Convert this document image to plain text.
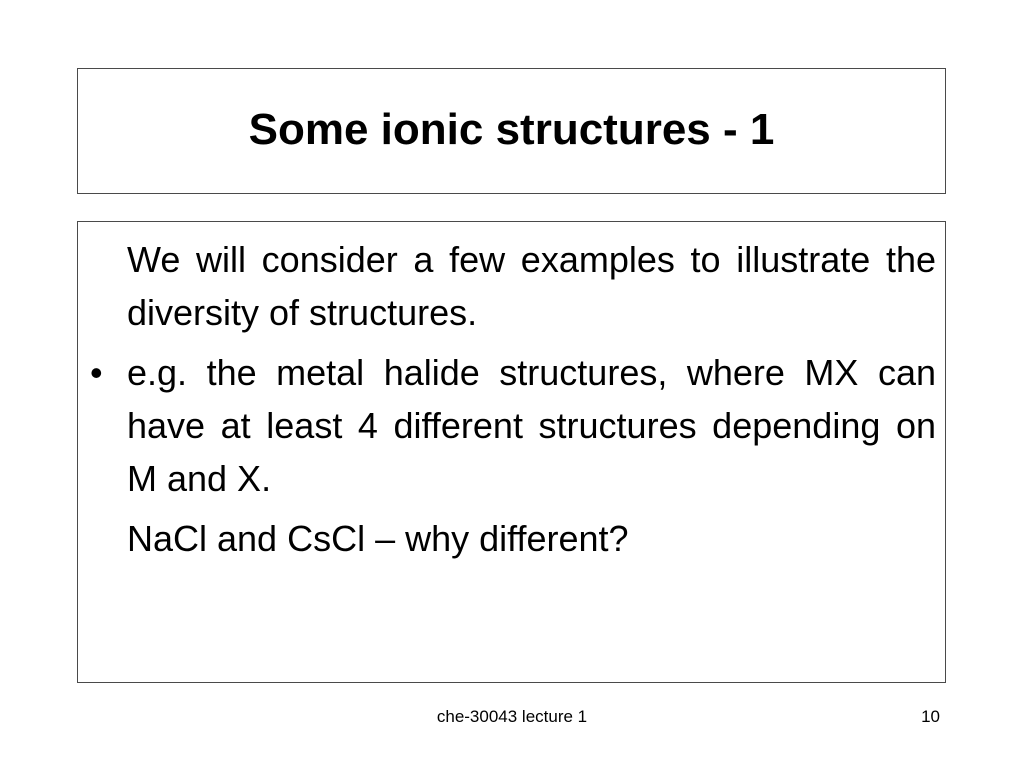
Some ionic structures - 1

We will consider a few examples to illustrate the diversity of structures.

• e.g. the metal halide structures, where MX can have at least 4 different structures depending on M and X.

NaCl and CsCl – why different?

che-30043 lecture 1	10
